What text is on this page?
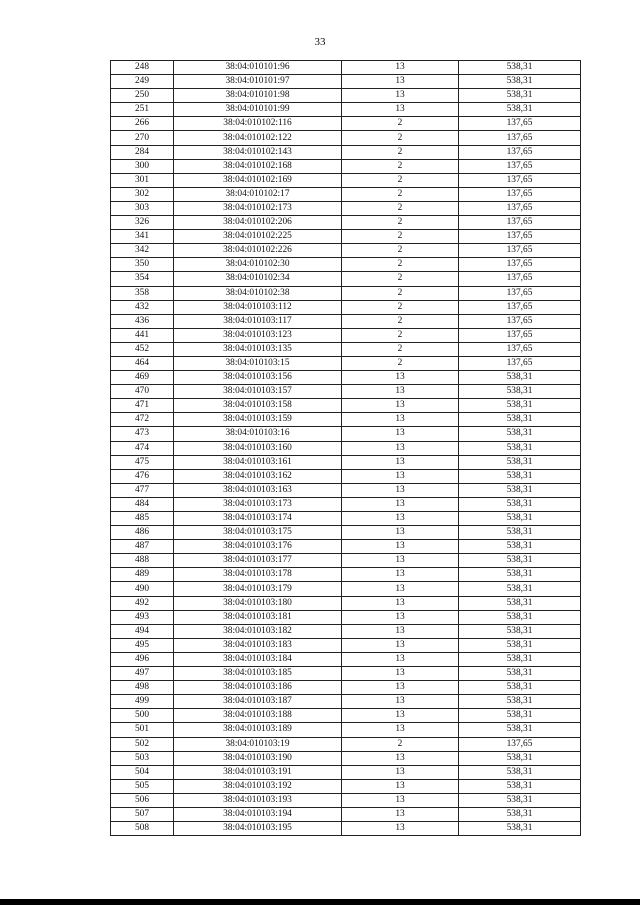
33
248	38:04:010101:96	13	538,31
249	38:04:010101:97	13	538,31
250	38:04:010101:98	13	538,31
251	38:04:010101:99	13	538,31
266	38:04:010102:116	2	137,65
270	38:04:010102:122	2	137,65
284	38:04:010102:143	2	137,65
300	38:04:010102:168	2	137,65
301	38:04:010102:169	2	137,65
302	38:04:010102:17	2	137,65
303	38:04:010102:173	2	137,65
326	38:04:010102:206	2	137,65
341	38:04:010102:225	2	137,65
342	38:04:010102:226	2	137,65
350	38:04:010102:30	2	137,65
354	38:04:010102:34	2	137,65
358	38:04:010102:38	2	137,65
432	38:04:010103:112	2	137,65
436	38:04:010103:117	2	137,65
441	38:04:010103:123	2	137,65
452	38:04:010103:135	2	137,65
464	38:04:010103:15	2	137,65
469	38:04:010103:156	13	538,31
470	38:04:010103:157	13	538,31
471	38:04:010103:158	13	538,31
472	38:04:010103:159	13	538,31
473	38:04:010103:16	13	538,31
474	38:04:010103:160	13	538,31
475	38:04:010103:161	13	538,31
476	38:04:010103:162	13	538,31
477	38:04:010103:163	13	538,31
484	38:04:010103:173	13	538,31
485	38:04:010103:174	13	538,31
486	38:04:010103:175	13	538,31
487	38:04:010103:176	13	538,31
488	38:04:010103:177	13	538,31
489	38:04:010103:178	13	538,31
490	38:04:010103:179	13	538,31
492	38:04:010103:180	13	538,31
493	38:04:010103:181	13	538,31
494	38:04:010103:182	13	538,31
495	38:04:010103:183	13	538,31
496	38:04:010103:184	13	538,31
497	38:04:010103:185	13	538,31
498	38:04:010103:186	13	538,31
499	38:04:010103:187	13	538,31
500	38:04:010103:188	13	538,31
501	38:04:010103:189	13	538,31
502	38:04:010103:19	2	137,65
503	38:04:010103:190	13	538,31
504	38:04:010103:191	13	538,31
505	38:04:010103:192	13	538,31
506	38:04:010103:193	13	538,31
507	38:04:010103:194	13	538,31
508	38:04:010103:195	13	538,31
